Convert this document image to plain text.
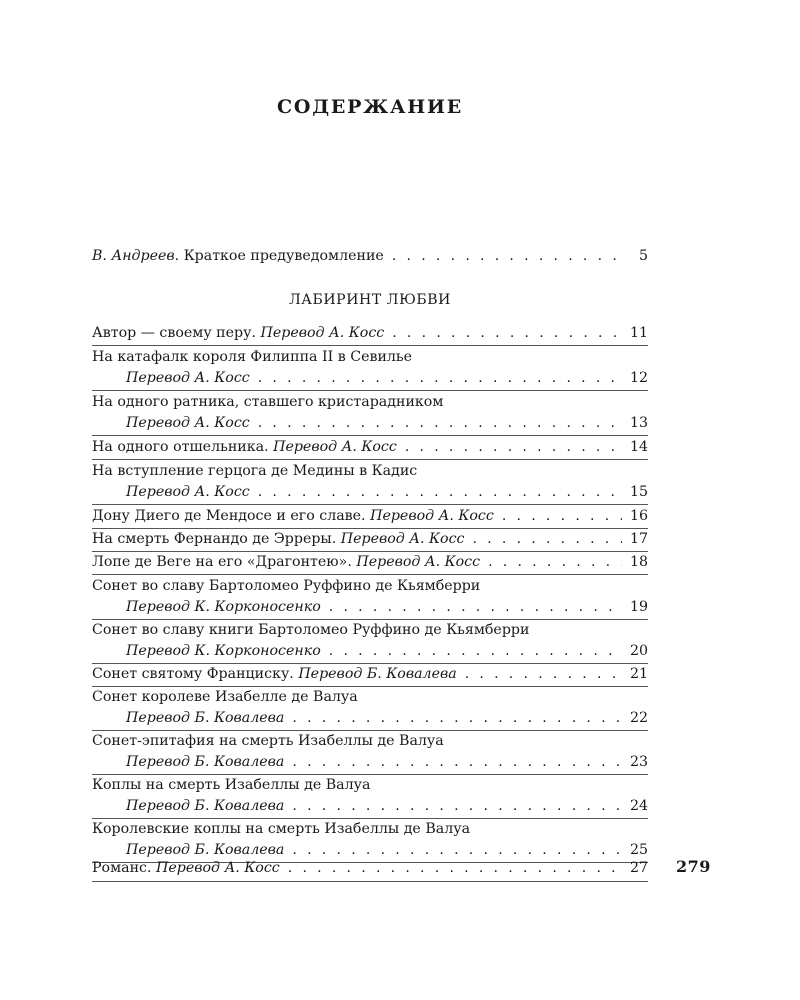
СОДЕРЖАНИЕ
В. Андреев. Краткое предуведомление . . .	5
ЛАБИРИНТ ЛЮБВИ
Автор — своему перу. Перевод А. Косс . . .	11
На катафалк короля Филиппа II в Севилье
Перевод А. Косс . . .	12
На одного ратника, ставшего кристарадником
Перевод А. Косс . . .	13
На одного отшельника. Перевод А. Косс . . .	14
На вступление герцога де Медины в Кадис
Перевод А. Косс . . .	15
Дону Диего де Мендосе и его славе. Перевод А. Косс . . .	16
На смерть Фернандо де Эрреры. Перевод А. Косс . . .	17
Лопе де Веге на его «Драгонтею». Перевод А. Косс . . .	18
Сонет во славу Бартоломео Руффино де Кьямберри
Перевод К. Корконосенко . . .	19
Сонет во славу книги Бартоломео Руффино де Кьямберри
Перевод К. Корконосенко . . .	20
Сонет святому Франциску. Перевод Б. Ковалева . . .	21
Сонет королеве Изабелле де Валуа
Перевод Б. Ковалева . . .	22
Сонет-эпитафия на смерть Изабеллы де Валуа
Перевод Б. Ковалева . . .	23
Коплы на смерть Изабеллы де Валуа
Перевод Б. Ковалева . . .	24
Королевские коплы на смерть Изабеллы де Валуа
Перевод Б. Ковалева . . .	25
Романс. Перевод А. Косс . . .	27 279
